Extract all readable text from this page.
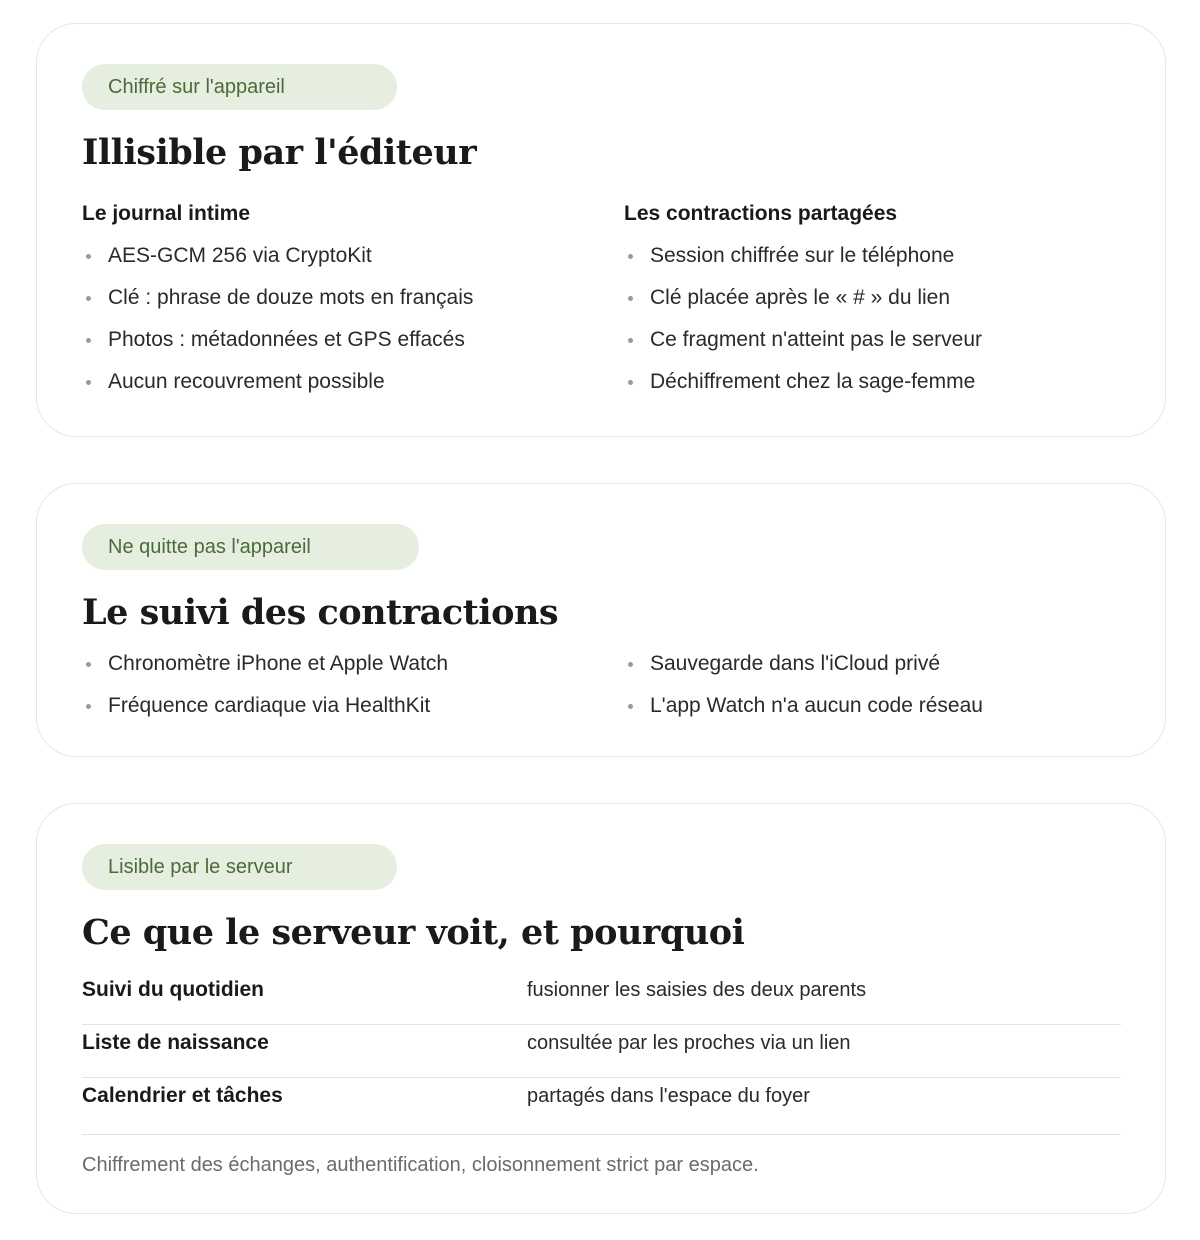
Chiffré sur l'appareil
Illisible par l'éditeur
Le journal intime
AES-GCM 256 via CryptoKit
Clé : phrase de douze mots en français
Photos : métadonnées et GPS effacés
Aucun recouvrement possible
Les contractions partagées
Session chiffrée sur le téléphone
Clé placée après le « # » du lien
Ce fragment n'atteint pas le serveur
Déchiffrement chez la sage-femme
Ne quitte pas l'appareil
Le suivi des contractions
Chronomètre iPhone et Apple Watch
Fréquence cardiaque via HealthKit
Sauvegarde dans l'iCloud privé
L'app Watch n'a aucun code réseau
Lisible par le serveur
Ce que le serveur voit, et pourquoi
Suivi du quotidien	fusionner les saisies des deux parents
Liste de naissance	consultée par les proches via un lien
Calendrier et tâches	partagés dans l'espace du foyer

Chiffrement des échanges, authentification, cloisonnement strict par espace.
